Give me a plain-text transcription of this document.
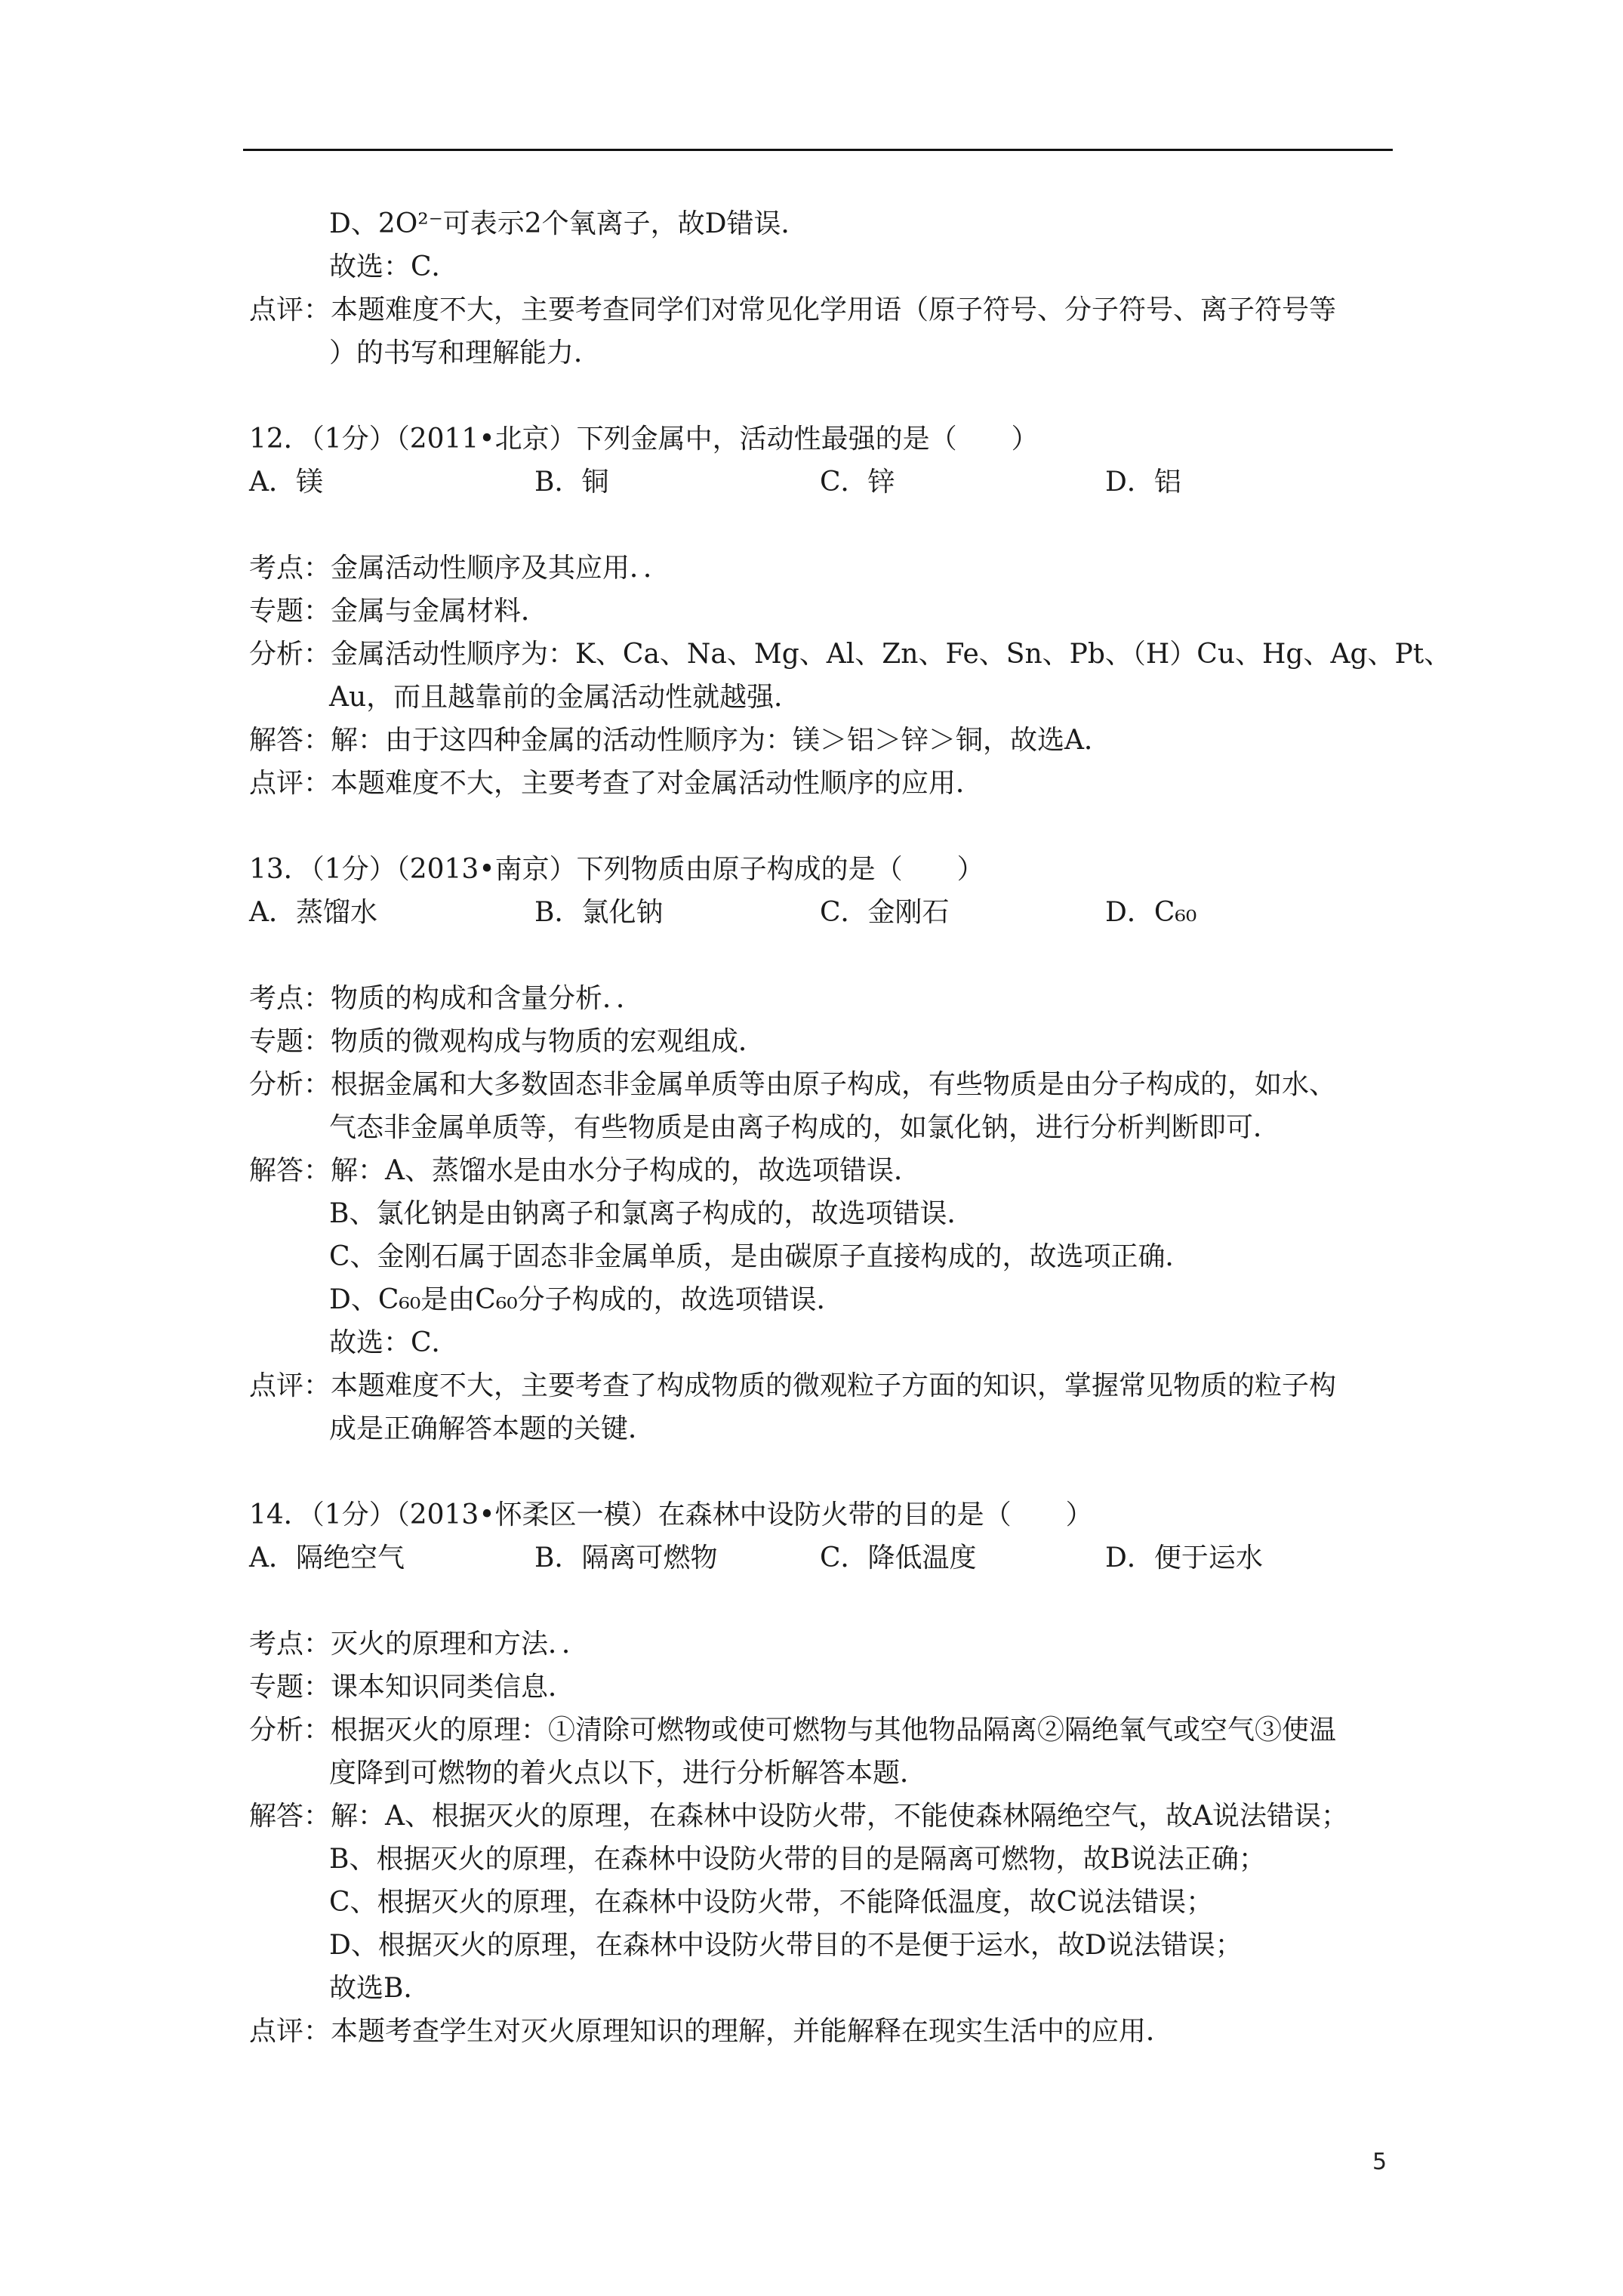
D、2O²⁻可表示2个氧离子，故D错误．
故选：C．
点评：本题难度不大，主要考查同学们对常见化学用语（原子符号、分子符号、离子符号等
）的书写和理解能力．
12．（1分）（2011•北京）下列金属中，活动性最强的是（　　）
A．镁	B．铜	C．锌	D．铝
考点：金属活动性顺序及其应用．．
专题：金属与金属材料．
分析：金属活动性顺序为：K、Ca、Na、Mg、Al、Zn、Fe、Sn、Pb、（H）Cu、Hg、Ag、Pt、
Au，而且越靠前的金属活动性就越强．
解答：解：由于这四种金属的活动性顺序为：镁＞铝＞锌＞铜，故选A．
点评：本题难度不大，主要考查了对金属活动性顺序的应用．
13．（1分）（2013•南京）下列物质由原子构成的是（　　）
A．蒸馏水	B．氯化钠	C．金刚石	D．C₆₀
考点：物质的构成和含量分析．．
专题：物质的微观构成与物质的宏观组成．
分析：根据金属和大多数固态非金属单质等由原子构成，有些物质是由分子构成的，如水、
气态非金属单质等，有些物质是由离子构成的，如氯化钠，进行分析判断即可．
解答：解：A、蒸馏水是由水分子构成的，故选项错误．
B、氯化钠是由钠离子和氯离子构成的，故选项错误．
C、金刚石属于固态非金属单质，是由碳原子直接构成的，故选项正确．
D、C₆₀是由C₆₀分子构成的，故选项错误．
故选：C．
点评：本题难度不大，主要考查了构成物质的微观粒子方面的知识，掌握常见物质的粒子构
成是正确解答本题的关键．
14．（1分）（2013•怀柔区一模）在森林中设防火带的目的是（　　）
A．隔绝空气	B．隔离可燃物	C．降低温度	D．便于运水
考点：灭火的原理和方法．．
专题：课本知识同类信息．
分析：根据灭火的原理：①清除可燃物或使可燃物与其他物品隔离②隔绝氧气或空气③使温
度降到可燃物的着火点以下，进行分析解答本题．
解答：解：A、根据灭火的原理，在森林中设防火带，不能使森林隔绝空气，故A说法错误；
B、根据灭火的原理，在森林中设防火带的目的是隔离可燃物，故B说法正确；
C、根据灭火的原理，在森林中设防火带，不能降低温度，故C说法错误；
D、根据灭火的原理，在森林中设防火带目的不是便于运水，故D说法错误；
故选B．
点评：本题考查学生对灭火原理知识的理解，并能解释在现实生活中的应用．
5
